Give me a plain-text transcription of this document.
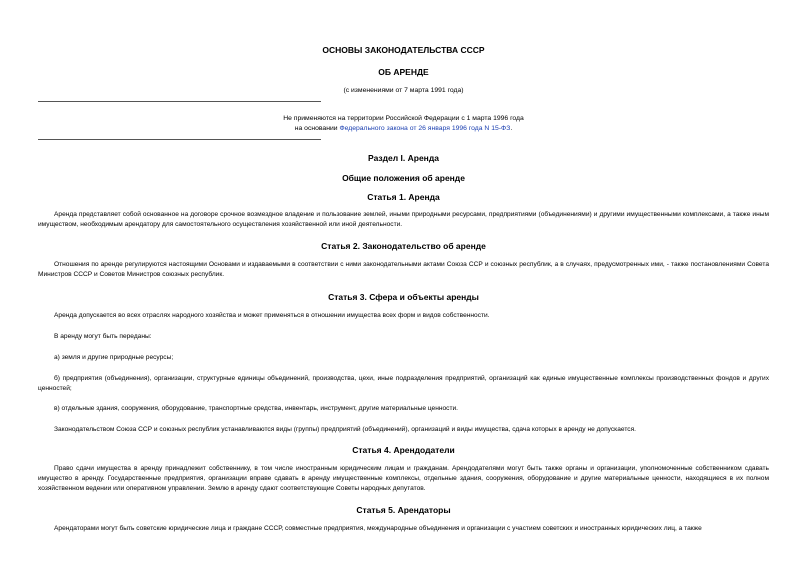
ОСНОВЫ ЗАКОНОДАТЕЛЬСТВА СССР
ОБ АРЕНДЕ
(с изменениями от 7 марта 1991 года)
Не применяются на территории Российской Федерации с 1 марта 1996 года
на основании Федерального закона от 26 января 1996 года N 15-ФЗ.
Раздел I. Аренда
Общие положения об аренде
Статья 1. Аренда
Аренда представляет собой основанное на договоре срочное возмездное владение и пользование землей, иными природными ресурсами, предприятиями (объединениями) и другими имущественными комплексами, а также иным имуществом, необходимым арендатору для самостоятельного осуществления хозяйственной или иной деятельности.
Статья 2. Законодательство об аренде
Отношения по аренде регулируются настоящими Основами и издаваемыми в соответствии с ними законодательными актами Союза ССР и союзных республик, а в случаях, предусмотренных ими, - также постановлениями Совета Министров СССР и Советов Министров союзных республик.
Статья 3. Сфера и объекты аренды
Аренда допускается во всех отраслях народного хозяйства и может применяться в отношении имущества всех форм и видов собственности.
В аренду могут быть переданы:
а) земля и другие природные ресурсы;
б) предприятия (объединения), организации, структурные единицы объединений, производства, цехи, иные подразделения предприятий, организаций как единые имущественные комплексы производственных фондов и других ценностей;
в) отдельные здания, сооружения, оборудование, транспортные средства, инвентарь, инструмент, другие материальные ценности.
Законодательством Союза ССР и союзных республик устанавливаются виды (группы) предприятий (объединений), организаций и виды имущества, сдача которых в аренду не допускается.
Статья 4. Арендодатели
Право сдачи имущества в аренду принадлежит собственнику, в том числе иностранным юридическим лицам и гражданам. Арендодателями могут быть также органы и организации, уполномоченные собственником сдавать имущество в аренду. Государственные предприятия, организации вправе сдавать в аренду имущественные комплексы, отдельные здания, сооружения, оборудование и другие материальные ценности, находящиеся в их полном хозяйственном ведении или оперативном управлении. Землю в аренду сдают соответствующие Советы народных депутатов.
Статья 5. Арендаторы
Арендаторами могут быть советские юридические лица и граждане СССР, совместные предприятия, международные объединения и организации с участием советских и иностранных юридических лиц, а также
